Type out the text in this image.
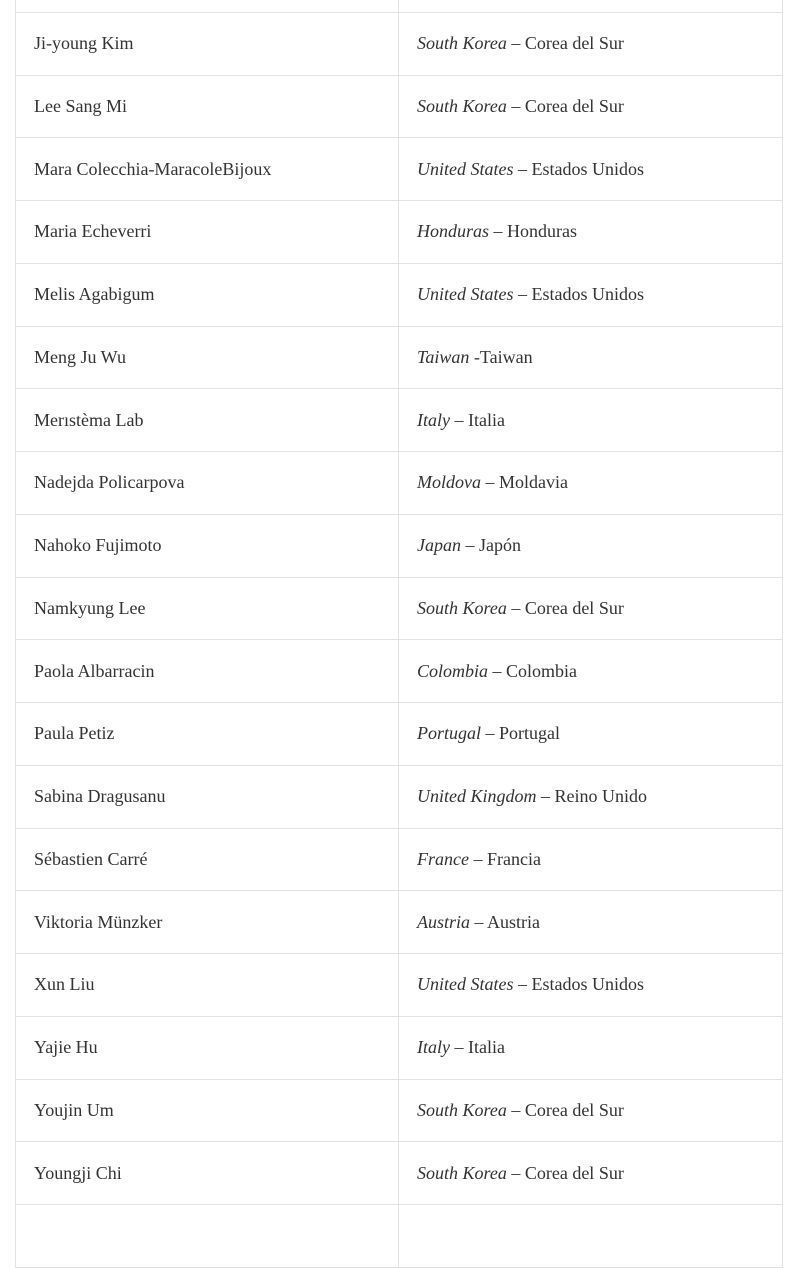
Ji-young Kim	South Korea – Corea del Sur
Lee Sang Mi	South Korea – Corea del Sur
Mara Colecchia-MaracoleBijoux	United States – Estados Unidos
Maria Echeverri	Honduras – Honduras
Melis Agabigum	United States – Estados Unidos
Meng Ju Wu	Taiwan -Taiwan
Merıstèma Lab	Italy – Italia
Nadejda Policarpova	Moldova – Moldavia
Nahoko Fujimoto	Japan – Japón
Namkyung Lee	South Korea – Corea del Sur
Paola Albarracin	Colombia – Colombia
Paula Petiz	Portugal – Portugal
Sabina Dragusanu	United Kingdom – Reino Unido
Sébastien Carré	France – Francia
Viktoria Münzker	Austria – Austria
Xun Liu	United States – Estados Unidos
Yajie Hu	Italy – Italia
Youjin Um	South Korea – Corea del Sur
Youngji Chi	South Korea – Corea del Sur
